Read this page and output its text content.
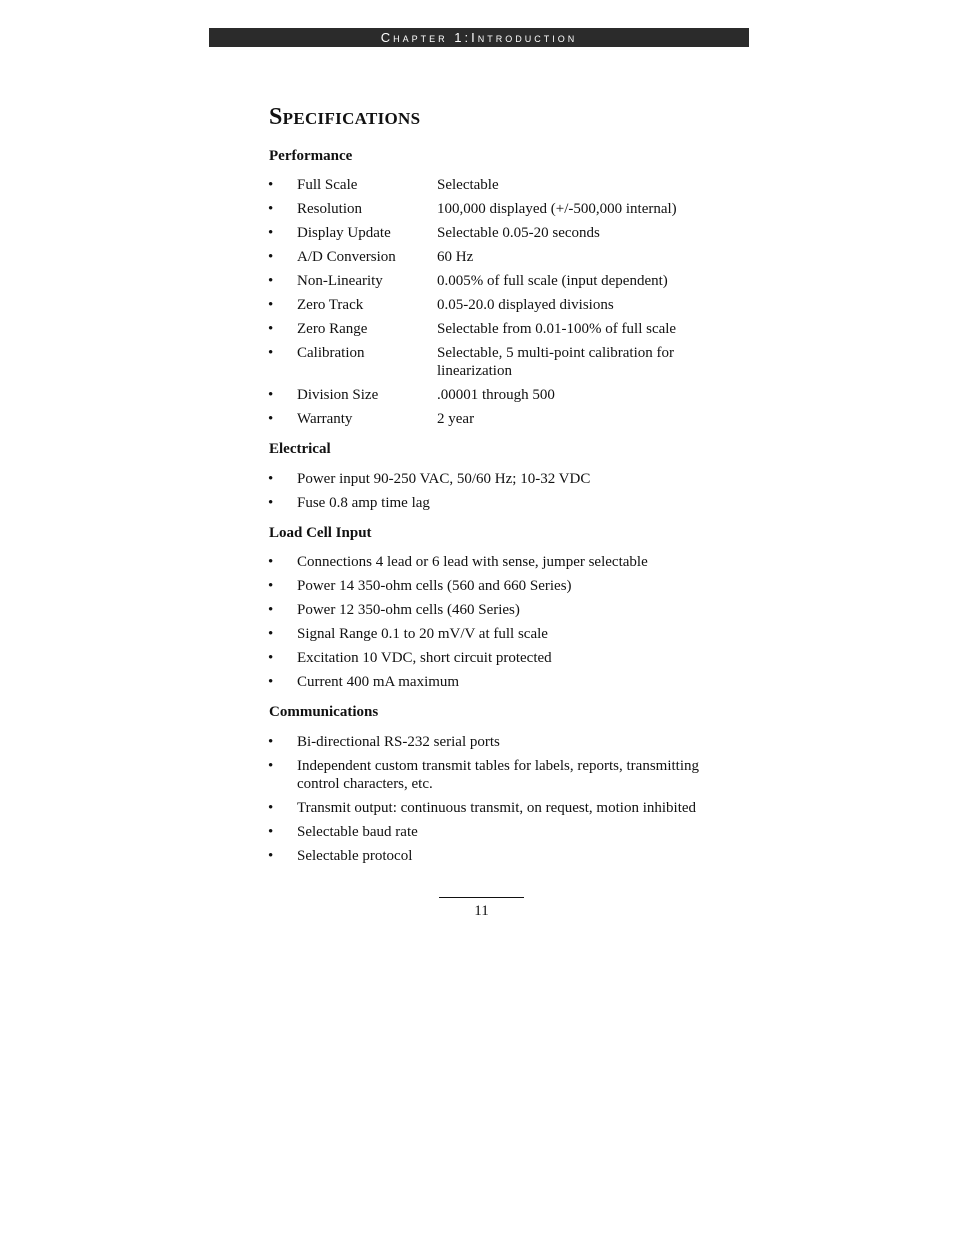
Chapter 1:Introduction
Specifications
Performance
• Full Scale	Selectable
• Resolution	100,000 displayed (+/-500,000 internal)
• Display Update	Selectable 0.05-20 seconds
• A/D Conversion	60 Hz
• Non-Linearity	0.005% of full scale (input dependent)
• Zero Track	0.05-20.0 displayed divisions
• Zero Range	Selectable from 0.01-100% of full scale
• Calibration	Selectable, 5 multi-point calibration for linearization
• Division Size	.00001 through 500
• Warranty	2 year
Electrical
• Power input 90-250 VAC, 50/60 Hz; 10-32 VDC
• Fuse 0.8 amp time lag
Load Cell Input
• Connections 4 lead or 6 lead with sense, jumper selectable
• Power 14 350-ohm cells (560 and 660 Series)
• Power 12 350-ohm cells (460 Series)
• Signal Range 0.1 to 20 mV/V at full scale
• Excitation 10 VDC, short circuit protected
• Current 400 mA maximum
Communications
• Bi-directional RS-232 serial ports
• Independent custom transmit tables for labels, reports, transmitting control characters, etc.
• Transmit output: continuous transmit, on request, motion inhibited
• Selectable baud rate
• Selectable protocol
11
